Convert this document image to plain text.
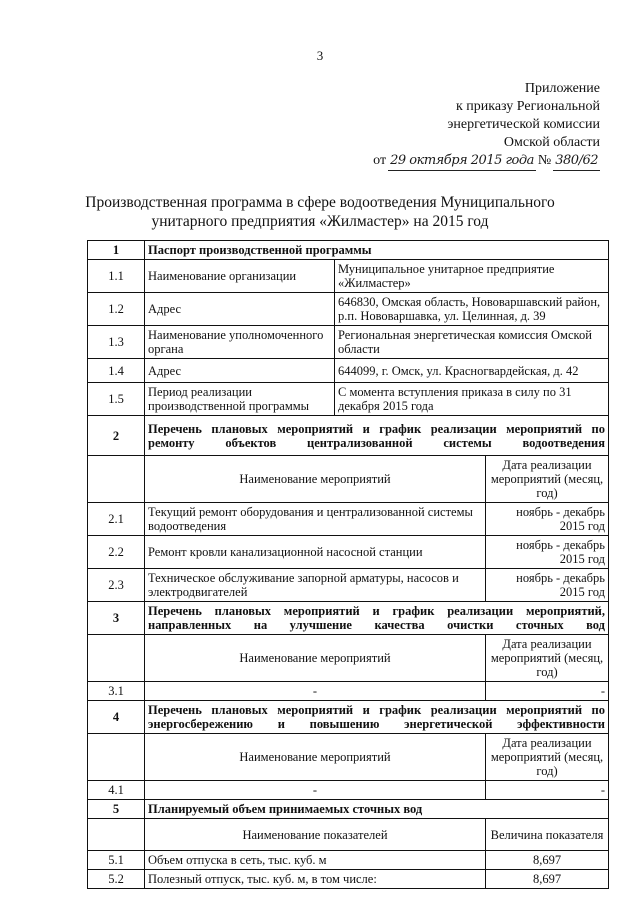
3
Приложение
к приказу Региональной
энергетической комиссии
Омской области
от 29 октября 2015 года № 380/62
Производственная программа в сфере водоотведения Муниципального
унитарного предприятия «Жилмастер» на 2015 год
1	Паспорт производственной программы		
1.1	Наименование организации	Муниципальное унитарное предприятие «Жилмастер»	
1.2	Адрес	646830, Омская область, Нововаршавский район, р.п. Нововаршавка, ул. Целинная, д. 39	
1.3	Наименование уполномоченного органа	Региональная энергетическая комиссия Омской области	
1.4	Адрес	644099, г. Омск, ул. Красногвардейская, д. 42	
1.5	Период реализации производственной программы	С момента вступления приказа в силу по 31 декабря 2015 года	
2	Перечень плановых мероприятий и график реализации мероприятий по ремонту объектов централизованной системы водоотведения		
	Наименование мероприятий		Дата реализации мероприятий (месяц, год)
2.1	Текущий ремонт оборудования и централизованной системы водоотведения		ноябрь - декабрь 2015 год
2.2	Ремонт кровли канализационной насосной станции		ноябрь - декабрь 2015 год
2.3	Техническое обслуживание запорной арматуры, насосов и электродвигателей		ноябрь - декабрь 2015 год
3	Перечень плановых мероприятий и график реализации мероприятий, направленных на улучшение качества очистки сточных вод		
	Наименование мероприятий		Дата реализации мероприятий (месяц, год)
3.1	-		-
4	Перечень плановых мероприятий и график реализации мероприятий по энергосбережению и повышению энергетической эффективности		
	Наименование мероприятий		Дата реализации мероприятий (месяц, год)
4.1	-		-
5	Планируемый объем принимаемых сточных вод		
	Наименование показателей		Величина показателя
5.1	Объем отпуска в сеть, тыс. куб. м		8,697
5.2	Полезный отпуск, тыс. куб. м, в том числе:		8,697
